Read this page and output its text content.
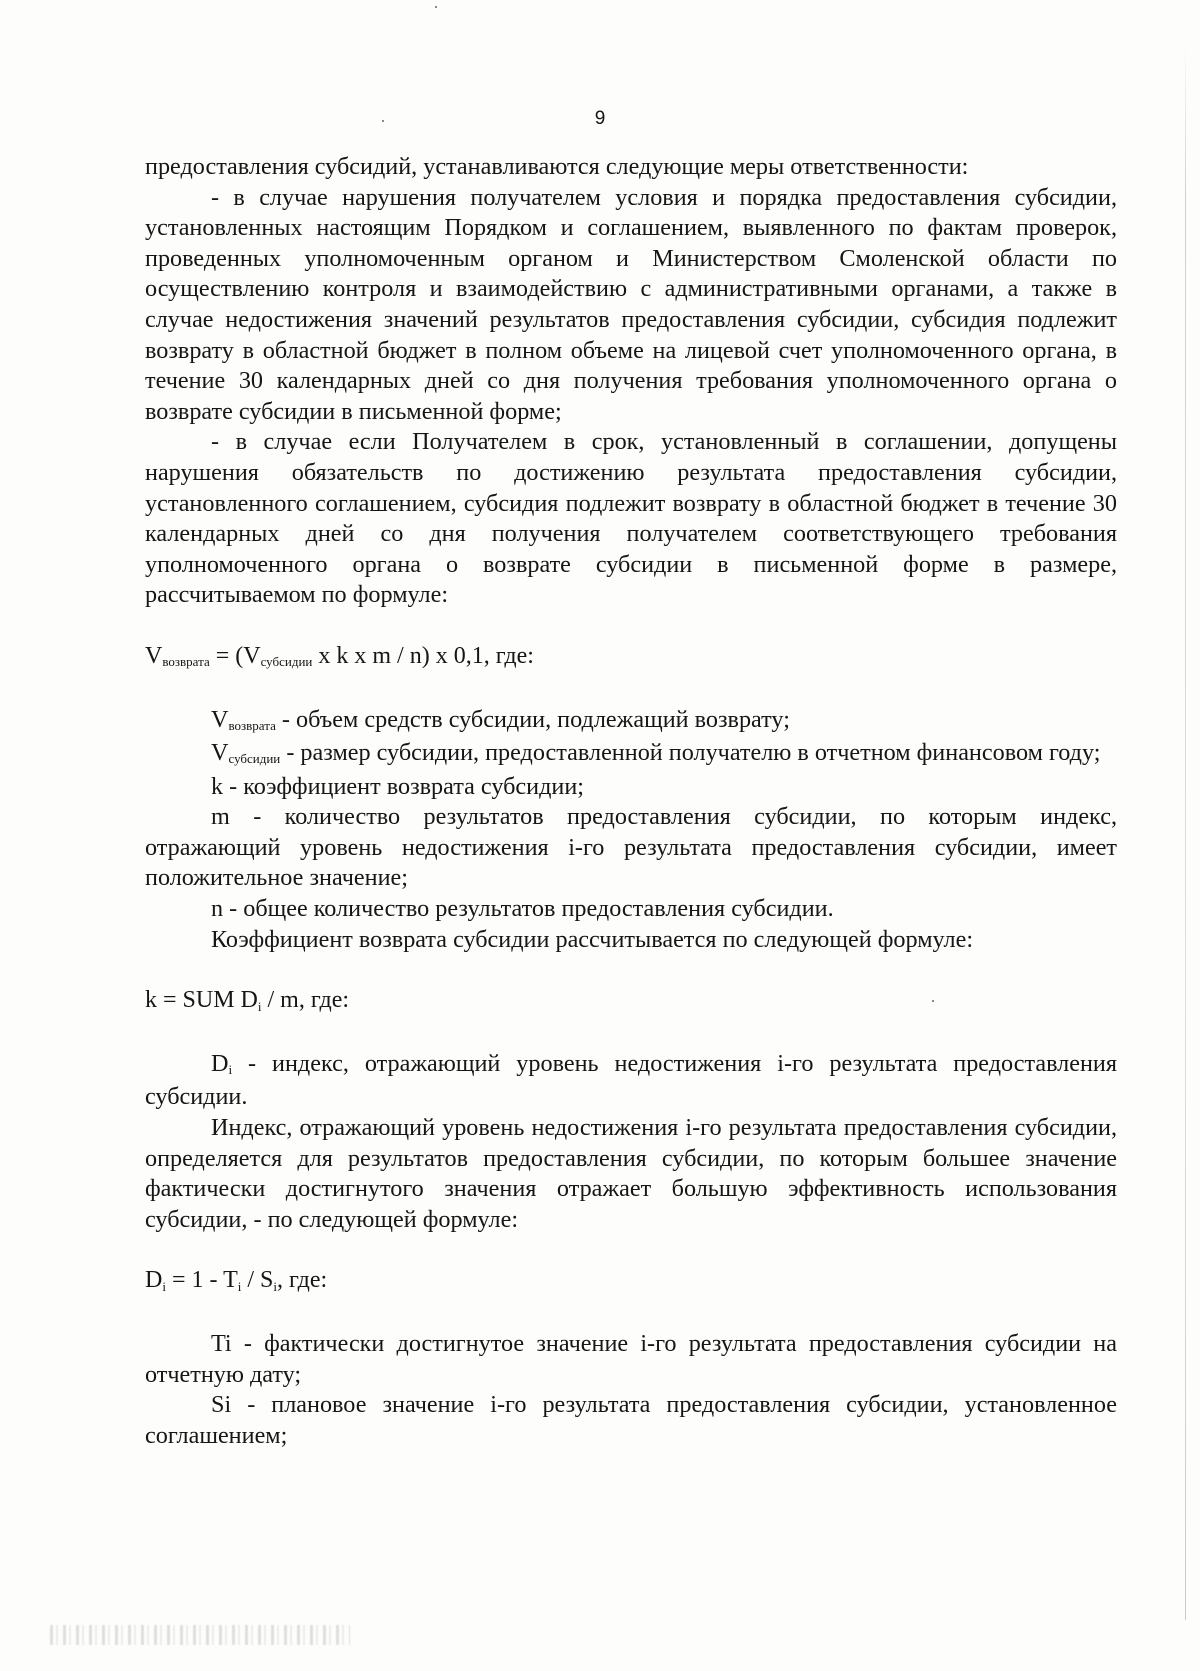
9

предоставления субсидий, устанавливаются следующие меры ответственности:

- в случае нарушения получателем условия и порядка предоставления субсидии, установленных настоящим Порядком и соглашением, выявленного по фактам проверок, проведенных уполномоченным органом и Министерством Смоленской области по осуществлению контроля и взаимодействию с административными органами, а также в случае недостижения значений результатов предоставления субсидии, субсидия подлежит возврату в областной бюджет в полном объеме на лицевой счет уполномоченного органа, в течение 30 календарных дней со дня получения требования уполномоченного органа о возврате субсидии в письменной форме;

- в случае если Получателем в срок, установленный в соглашении, допущены нарушения обязательств по достижению результата предоставления субсидии, установленного соглашением, субсидия подлежит возврату в областной бюджет в течение 30 календарных дней со дня получения получателем соответствующего требования уполномоченного органа о возврате субсидии в письменной форме в размере, рассчитываемом по формуле:

$V_{возврата} = (V_{субсидии}$ x k x m / n) x 0,1, где:

$V_{возврата}$ - объем средств субсидии, подлежащий возврату;

$V_{субсидии}$ - размер субсидии, предоставленной получателю в отчетном финансовом году;

k - коэффициент возврата субсидии;

m - количество результатов предоставления субсидии, по которым индекс, отражающий уровень недостижения i-го результата предоставления субсидии, имеет положительное значение;

n - общее количество результатов предоставления субсидии.

Коэффициент возврата субсидии рассчитывается по следующей формуле:

k = SUM $D_i$ / m, где:

$D_i$ - индекс, отражающий уровень недостижения i-го результата предоставления субсидии.

Индекс, отражающий уровень недостижения i-го результата предоставления субсидии, определяется для результатов предоставления субсидии, по которым большее значение фактически достигнутого значения отражает большую эффективность использования субсидии, - по следующей формуле:

$D_i = 1 - T_i / S_i$, где:

Ti - фактически достигнутое значение i-го результата предоставления субсидии на отчетную дату;

Si - плановое значение i-го результата предоставления субсидии, установленное соглашением;
